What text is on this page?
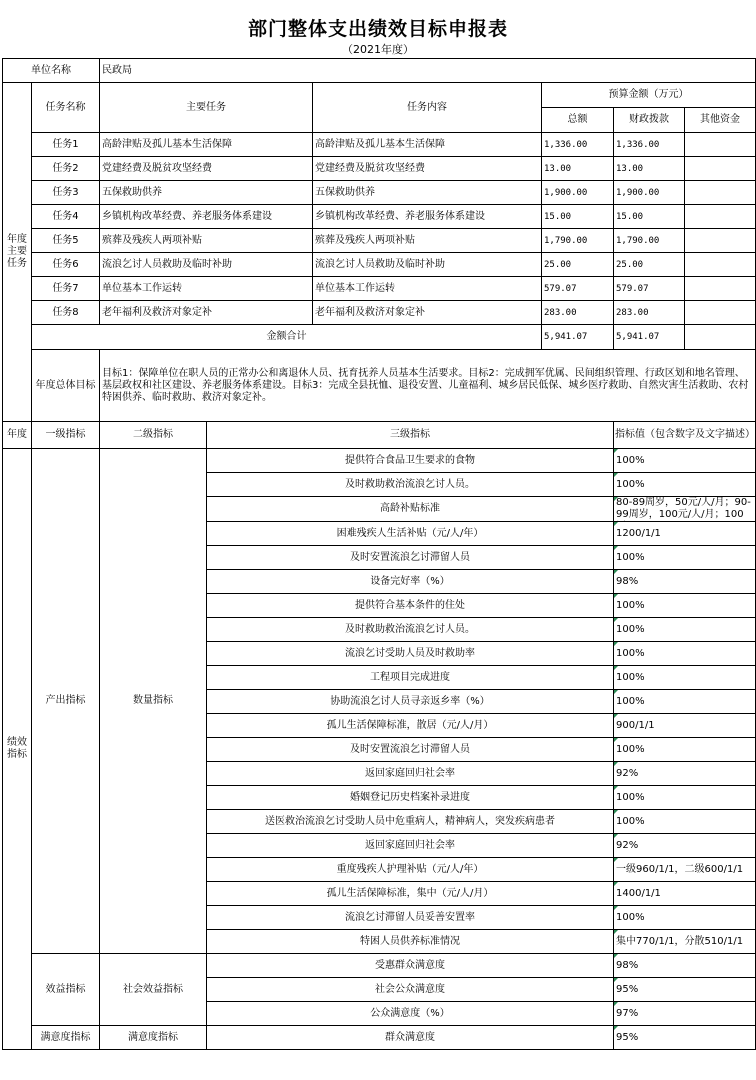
部门整体支出绩效目标申报表
（2021年度）
单位名称		民政局					
年度主要任务	任务名称	主要任务		任务内容	预算金额（万元）		
					总额	财政拨款	其他资金
	任务1	高龄津贴及孤儿基本生活保障		高龄津贴及孤儿基本生活保障	1,336.00	1,336.00	
	任务2	党建经费及脱贫攻坚经费		党建经费及脱贫攻坚经费	13.00	13.00	
	任务3	五保救助供养		五保救助供养	1,900.00	1,900.00	
	任务4	乡镇机构改革经费、养老服务体系建设		乡镇机构改革经费、养老服务体系建设	15.00	15.00	
	任务5	殡葬及残疾人两项补贴		殡葬及残疾人两项补贴	1,790.00	1,790.00	
	任务6	流浪乞讨人员救助及临时补助		流浪乞讨人员救助及临时补助	25.00	25.00	
	任务7	单位基本工作运转		单位基本工作运转	579.07	579.07	
	任务8	老年福利及救济对象定补		老年福利及救济对象定补	283.00	283.00	
	金额合计				5,941.07	5,941.07	
	年度总体目标	目标1：保障单位在职人员的正常办公和离退休人员、抚育抚养人员基本生活要求。目标2：完成拥军优属、民间组织管理、行政区划和地名管理、基层政权和社区建设、养老服务体系建设。目标3：完成全县抚恤、退役安置、儿童福利、城乡居民低保、城乡医疗救助、自然灾害生活救助、农村特困供养、临时救助、救济对象定补。					
年度	一级指标	二级指标	三级指标			指标值（包含数字及文字描述）	
绩效指标	产出指标	数量指标	提供符合食品卫生要求的食物			100%	
			及时救助救治流浪乞讨人员。			100%	
			高龄补贴标准			80-89周岁，50元/人/月；90-99周岁，100元/人/月；100	

			困难残疾人生活补贴（元/人/年）			1200/1/1	
			及时安置流浪乞讨滞留人员			100%	
			设备完好率（%）			98%	
			提供符合基本条件的住处			100%	
			及时救助救治流浪乞讨人员。			100%	
			流浪乞讨受助人员及时救助率			100%	
			工程项目完成进度			100%	
			协助流浪乞讨人员寻亲返乡率（%）			100%	
			孤儿生活保障标准，散居（元/人/月）			900/1/1	
			及时安置流浪乞讨滞留人员			100%	
			返回家庭回归社会率			92%	
			婚姻登记历史档案补录进度			100%	
			送医救治流浪乞讨受助人员中危重病人，精神病人，突发疾病患者			100%	
			返回家庭回归社会率			92%	
			重度残疾人护理补贴（元/人/年）			一级960/1/1，二级600/1/1	
			孤儿生活保障标准，集中（元/人/月）			1400/1/1	
			流浪乞讨滞留人员妥善安置率			100%	
			特困人员供养标准情况			集中770/1/1，分散510/1/1	
	效益指标	社会效益指标	受惠群众满意度			98%	
			社会公众满意度			95%	
			公众满意度（%）			97%	
	满意度指标	满意度指标	群众满意度			95%	
